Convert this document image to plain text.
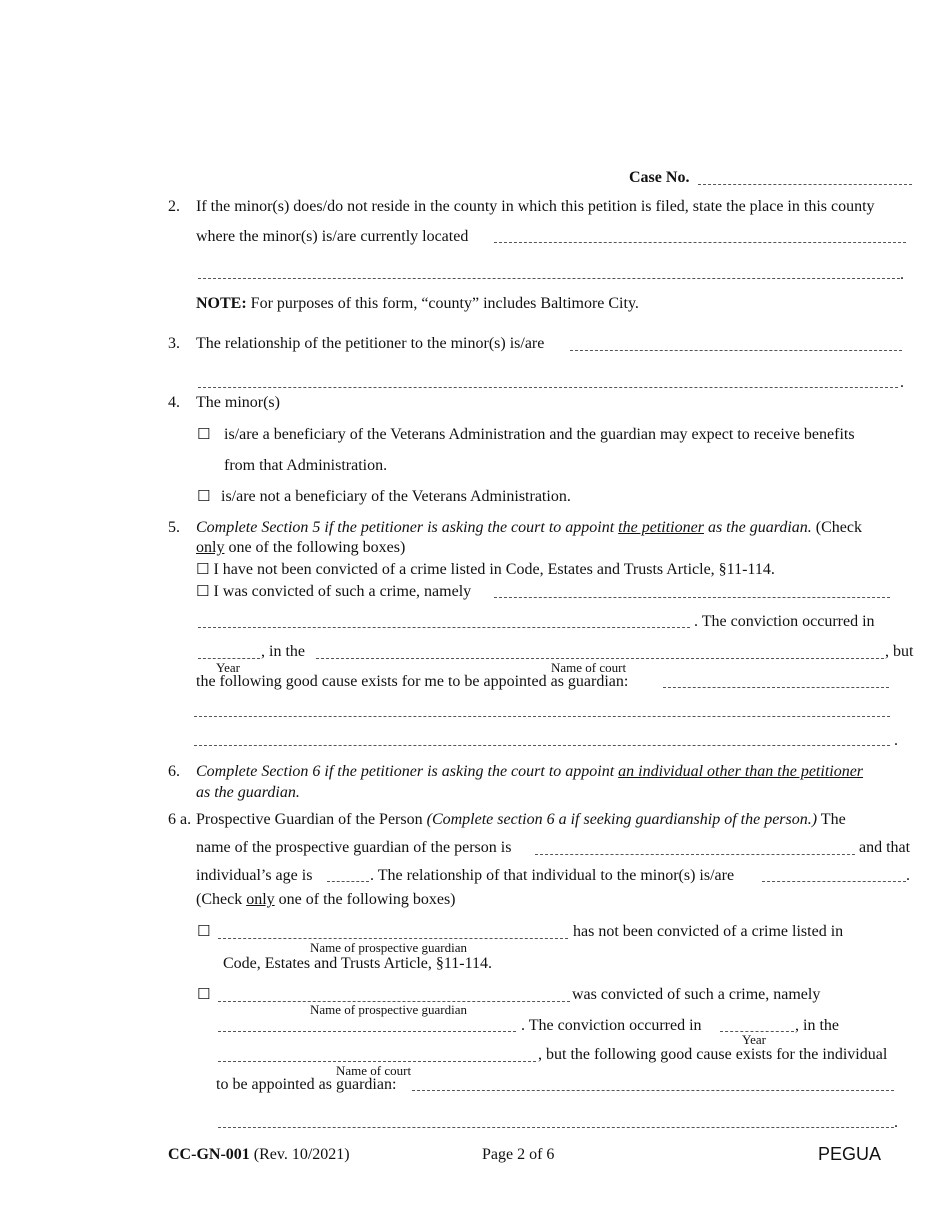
Case No.
2. If the minor(s) does/do not reside in the county in which this petition is filed, state the place in this county
where the minor(s) is/are currently located
.
NOTE: For purposes of this form, “county” includes Baltimore City.
3. The relationship of the petitioner to the minor(s) is/are
.
4. The minor(s)
☐ is/are a beneficiary of the Veterans Administration and the guardian may expect to receive benefits
from that Administration.
☐ is/are not a beneficiary of the Veterans Administration.
5. Complete Section 5 if the petitioner is asking the court to appoint the petitioner as the guardian. (Check
only one of the following boxes)
☐ I have not been convicted of a crime listed in Code, Estates and Trusts Article, §11-114.
☐ I was convicted of such a crime, namely
. The conviction occurred in
, in the	, but
Year	Name of court
the following good cause exists for me to be appointed as guardian:
.
6. Complete Section 6 if the petitioner is asking the court to appoint an individual other than the petitioner
as the guardian.
6 a. Prospective Guardian of the Person (Complete section 6 a if seeking guardianship of the person.) The
name of the prospective guardian of the person is	and that
individual’s age is	. The relationship of that individual to the minor(s) is/are	.
(Check only one of the following boxes)
☐	has not been convicted of a crime listed in
Name of prospective guardian
Code, Estates and Trusts Article, §11-114.
☐	was convicted of such a crime, namely
Name of prospective guardian
. The conviction occurred in	, in the
Year
, but the following good cause exists for the individual
Name of court
to be appointed as guardian:
.
CC-GN-001 (Rev. 10/2021)	Page 2 of 6	PEGUA
